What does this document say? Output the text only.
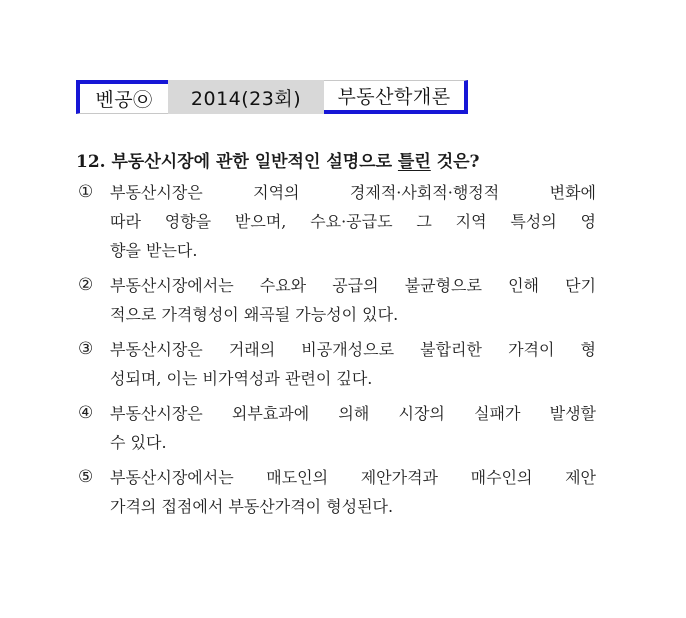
벤공㉧	2014(23회)	부동산학개론
12. 부동산시장에 관한 일반적인 설명으로 틀린 것은?
①	부동산시장은 지역의 경제적·사회적·행정적 변화에
따라 영향을 받으며, 수요·공급도 그 지역 특성의 영
향을 받는다.
②	부동산시장에서는 수요와 공급의 불균형으로 인해 단기
적으로 가격형성이 왜곡될 가능성이 있다.
③	부동산시장은 거래의 비공개성으로 불합리한 가격이 형
성되며, 이는 비가역성과 관련이 깊다.
④	부동산시장은 외부효과에 의해 시장의 실패가 발생할
수 있다.
⑤	부동산시장에서는 매도인의 제안가격과 매수인의 제안
가격의 접점에서 부동산가격이 형성된다.
